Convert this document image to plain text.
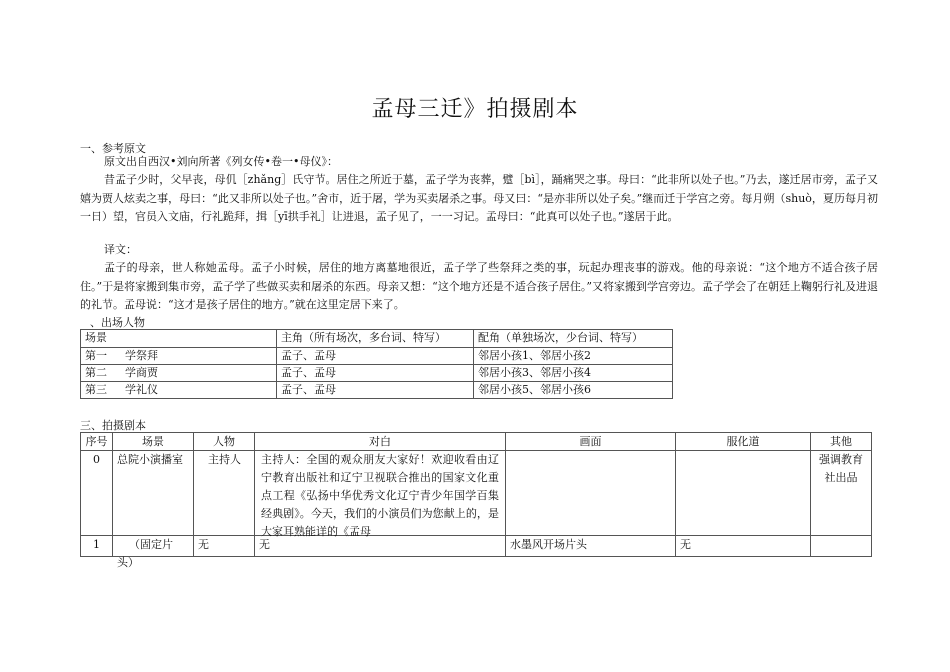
孟母三迁》拍摄剧本
一、参考原文
原文出自西汉•刘向所著《列女传•卷一•母仪》：
昔孟子少时，父早丧，母仉［zhǎng］氏守节。居住之所近于墓，孟子学为丧葬，躄［bì］，踊痛哭之事。母曰：“此非所以处子也。”乃去，遂迁居市旁，孟子又嬉为贾人炫卖之事，母曰：“此又非所以处子也。”舍市，近于屠，学为买卖屠杀之事。母又曰：“是亦非所以处子矣。”继而迁于学宫之旁。每月朔（shuò，夏历每月初一日）望，官员入文庙，行礼跪拜，揖［yī拱手礼］让进退，孟子见了，一一习记。孟母曰：“此真可以处子也。”遂居于此。
译文：
孟子的母亲，世人称她孟母。孟子小时候，居住的地方离墓地很近，孟子学了些祭拜之类的事，玩起办理丧事的游戏。他的母亲说：“这个地方不适合孩子居住。”于是将家搬到集市旁，孟子学了些做买卖和屠杀的东西。母亲又想：“这个地方还是不适合孩子居住。”又将家搬到学宫旁边。孟子学会了在朝廷上鞠躬行礼及进退的礼节。孟母说：“这才是孩子居住的地方。”就在这里定居下来了。
、出场人物
场景	主角（所有场次，多台词、特写）	配角（单独场次，少台词、特写）

第一 学祭拜	孟子、孟母	邻居小孩1、邻居小孩2

第二 学商贾	孟子、孟母	邻居小孩3、邻居小孩4

第三 学礼仪	孟子、孟母	邻居小孩5、邻居小孩6
三、拍摄剧本
序号	场景	人物	对白	画面	服化道	其他
0	总院小演播室	主持人	主持人：全国的观众朋友大家好！欢迎收看由辽宁教育出版社和辽宁卫视联合推出的国家文化重点工程《弘扬中华优秀文化辽宁青少年国学百集经典剧》。今天，我们的小演员们为您献上的，是大家耳熟能详的《孟母			强调教育社出品
1	（固定片头）	无	无	水墨风开场片头	无	
